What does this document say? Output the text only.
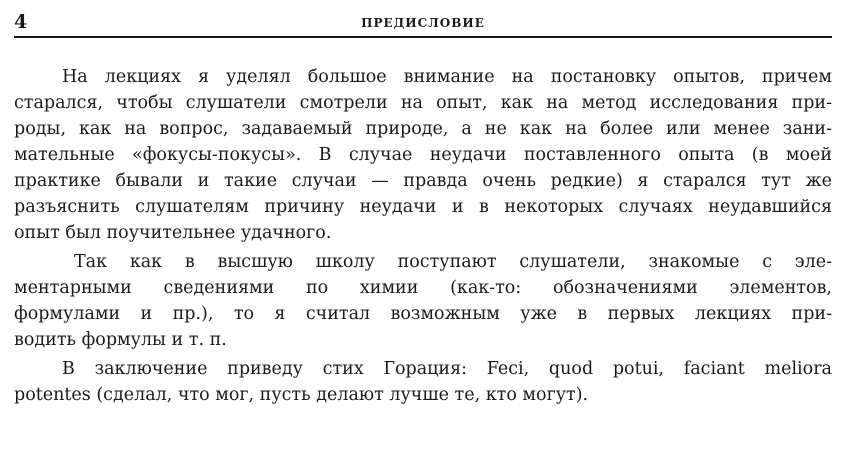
4	ПРЕДИСЛОВИЕ
На лекциях я уделял большое внимание на постановку опытов, причем
старался, чтобы слушатели смотрели на опыт, как на метод исследования при-
роды, как на вопрос, задаваемый природе, а не как на более или менее зани-
мательные «фокусы-покусы». В случае неудачи поставленного опыта (в моей
практике бывали и такие случаи — правда очень редкие) я старался тут же
разъяснить слушателям причину неудачи и в некоторых случаях неудавшийся
опыт был поучительнее удачного.
Так как в высшую школу поступают слушатели, знакомые с эле-
ментарными сведениями по химии (как-то: обозначениями элементов,
формулами и пр.), то я считал возможным уже в первых лекциях при-
водить формулы и т. п.
В заключение приведу стих Горация: Feci, quod potui, faciant meliora
potentes (сделал, что мог, пусть делают лучше те, кто могут).
